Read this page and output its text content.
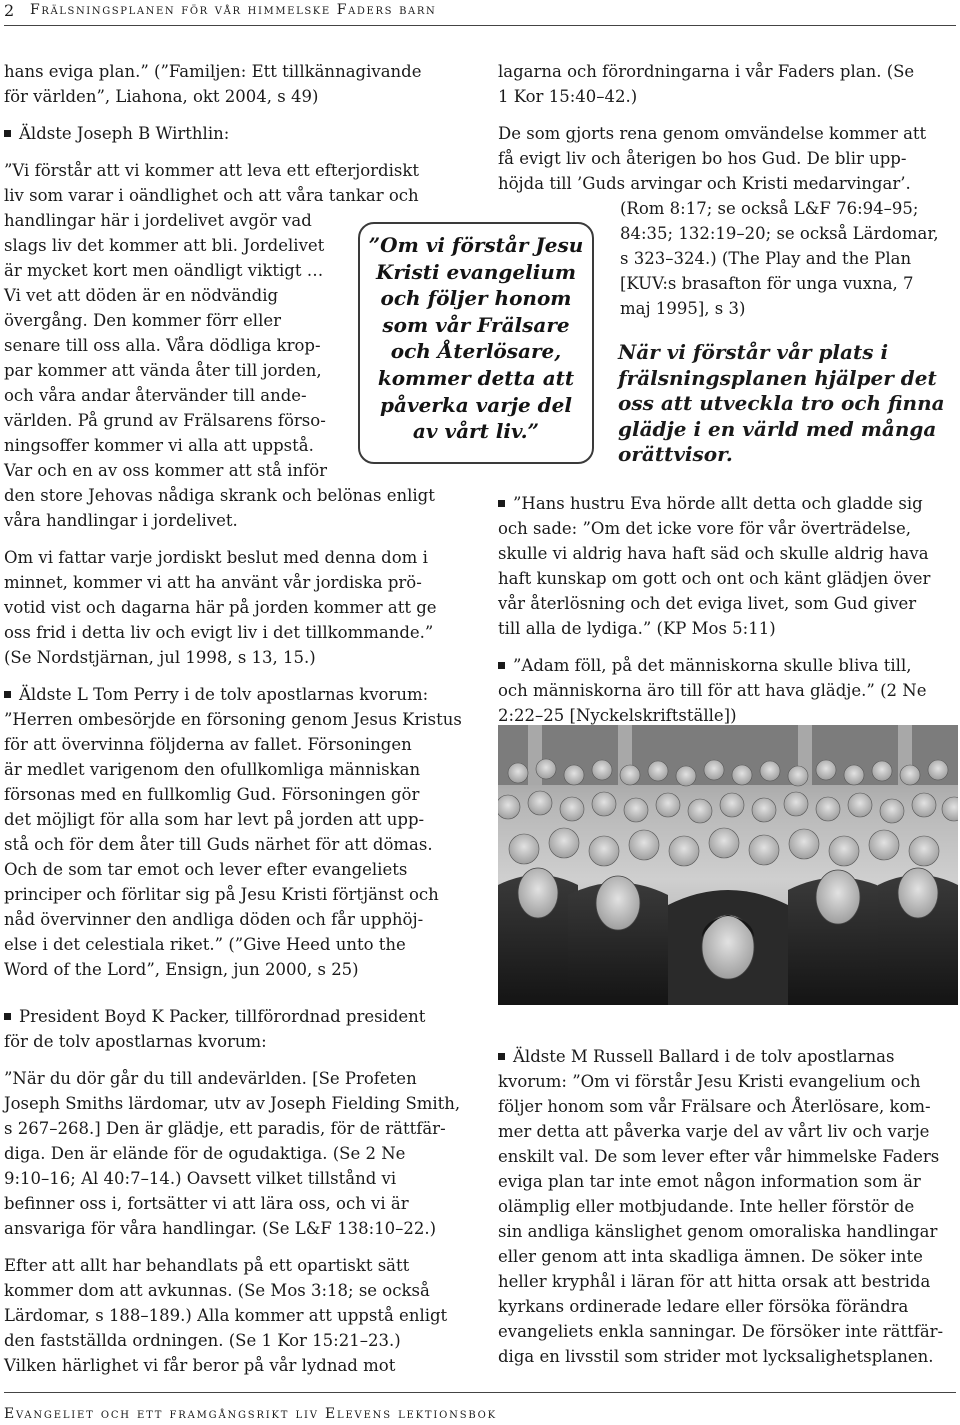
2 Frälsningsplanen för vår himmelske Faders barn
hans eviga plan.” (”Familjen: Ett tillkännagivande
för världen”, Liahona, okt 2004, s 49)
Äldste Joseph B Wirthlin:
”Vi förstår att vi kommer att leva ett efterjordiskt
liv som varar i oändlighet och att våra tankar och
handlingar här i jordelivet avgör vad
slags liv det kommer att bli. Jordelivet
är mycket kort men oändligt viktigt …
Vi vet att döden är en nödvändig
övergång. Den kommer förr eller
senare till oss alla. Våra dödliga krop-
par kommer att vända åter till jorden,
och våra andar återvänder till ande-
världen. På grund av Frälsarens förso-
ningsoffer kommer vi alla att uppstå.
Var och en av oss kommer att stå inför
den store Jehovas nådiga skrank och belönas enligt
våra handlingar i jordelivet.
Om vi fattar varje jordiskt beslut med denna dom i
minnet, kommer vi att ha använt vår jordiska prö-
votid vist och dagarna här på jorden kommer att ge
oss frid i detta liv och evigt liv i det tillkommande.”
(Se Nordstjärnan, jul 1998, s 13, 15.)
Äldste L Tom Perry i de tolv apostlarnas kvorum:
”Herren ombesörjde en försoning genom Jesus Kristus
för att övervinna följderna av fallet. Försoningen
är medlet varigenom den ofullkomliga människan
försonas med en fullkomlig Gud. Försoningen gör
det möjligt för alla som har levt på jorden att upp-
stå och för dem åter till Guds närhet för att dömas.
Och de som tar emot och lever efter evangeliets
principer och förlitar sig på Jesu Kristi förtjänst och
nåd övervinner den andliga döden och får upphöj-
else i det celestiala riket.” (”Give Heed unto the
Word of the Lord”, Ensign, jun 2000, s 25)
President Boyd K Packer, tillförordnad president
för de tolv apostlarnas kvorum:
”När du dör går du till andevärlden. [Se Profeten
Joseph Smiths lärdomar, utv av Joseph Fielding Smith,
s 267–268.] Den är glädje, ett paradis, för de rättfär-
diga. Den är elände för de ogudaktiga. (Se 2 Ne
9:10–16; Al 40:7–14.) Oavsett vilket tillstånd vi
befinner oss i, fortsätter vi att lära oss, och vi är
ansvariga för våra handlingar. (Se L&F 138:10–22.)
Efter att allt har behandlats på ett opartiskt sätt
kommer dom att avkunnas. (Se Mos 3:18; se också
Lärdomar, s 188–189.) Alla kommer att uppstå enligt
den fastställda ordningen. (Se 1 Kor 15:21–23.)
Vilken härlighet vi får beror på vår lydnad mot
lagarna och förordningarna i vår Faders plan. (Se
1 Kor 15:40–42.)
De som gjorts rena genom omvändelse kommer att
få evigt liv och återigen bo hos Gud. De blir upp-
höjda till ’Guds arvingar och Kristi medarvingar’.
(Rom 8:17; se också L&F 76:94–95;
84:35; 132:19–20; se också Lärdomar,
s 323–324.) (The Play and the Plan
[KUV:s brasafton för unga vuxna, 7
maj 1995], s 3)
”Hans hustru Eva hörde allt detta och gladde sig
och sade: ”Om det icke vore för vår överträdelse,
skulle vi aldrig hava haft säd och skulle aldrig hava
haft kunskap om gott och ont och känt glädjen över
vår återlösning och det eviga livet, som Gud giver
till alla de lydiga.” (KP Mos 5:11)
”Adam föll, på det människorna skulle bliva till,
och människorna äro till för att hava glädje.” (2 Ne
2:22–25 [Nyckelskriftställe])
Äldste M Russell Ballard i de tolv apostlarnas
kvorum: ”Om vi förstår Jesu Kristi evangelium och
följer honom som vår Frälsare och Återlösare, kom-
mer detta att påverka varje del av vårt liv och varje
enskilt val. De som lever efter vår himmelske Faders
eviga plan tar inte emot någon information som är
olämplig eller motbjudande. Inte heller förstör de
sin andliga känslighet genom omoraliska handlingar
eller genom att inta skadliga ämnen. De söker inte
heller kryphål i läran för att hitta orsak att bestrida
kyrkans ordinerade ledare eller försöka förändra
evangeliets enkla sanningar. De försöker inte rättfär-
diga en livsstil som strider mot lycksalighetsplanen.
”Om vi förstår Jesu
Kristi evangelium
och följer honom
som vår Frälsare
och Återlösare,
kommer detta att
påverka varje del
av vårt liv.”
När vi förstår vår plats i
frälsningsplanen hjälper det
oss att utveckla tro och finna
glädje i en värld med många
orättvisor.
Evangeliet och ett framgångsrikt liv Elevens lektionsbok
